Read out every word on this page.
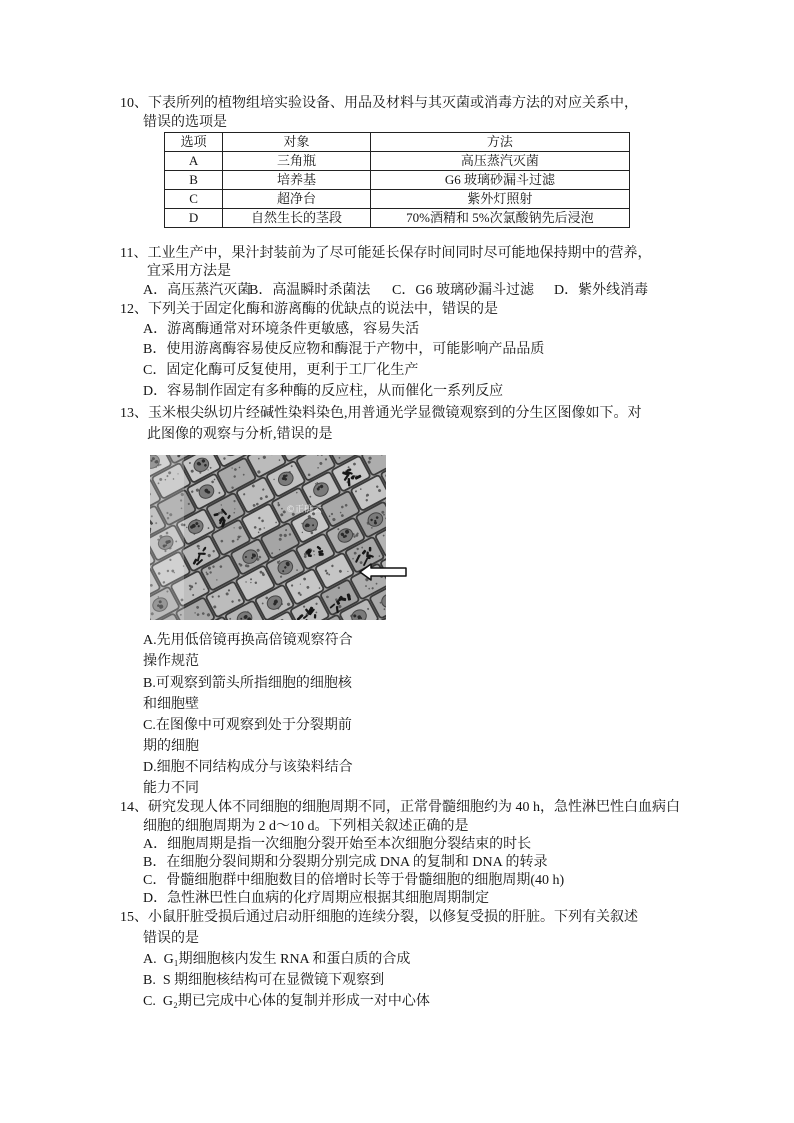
10、下表所列的植物组培实验设备、用品及材料与其灭菌或消毒方法的对应关系中，
错误的选项是
选项	对象	方法
A	三角瓶	高压蒸汽灭菌
B	培养基	G6 玻璃砂漏斗过滤
C	超净台	紫外灯照射
D	自然生长的茎段	70%酒精和 5%次氯酸钠先后浸泡
11、工业生产中，果汁封装前为了尽可能延长保存时间同时尽可能地保持期中的营养，
宜采用方法是
A．高压蒸汽灭菌
B．高温瞬时杀菌法 C．G6 玻璃砂漏斗过滤 D．紫外线消毒
12、下列关于固定化酶和游离酶的优缺点的说法中，错误的是
A．游离酶通常对环境条件更敏感，容易失活
B．使用游离酶容易使反应物和酶混于产物中，可能影响产品品质
C．固定化酶可反复使用，更利于工厂化生产
D．容易制作固定有多种酶的反应柱，从而催化一系列反应
13、玉米根尖纵切片经碱性染料染色,用普通光学显微镜观察到的分生区图像如下。对
此图像的观察与分析,错误的是
©正确云
A.先用低倍镜再换高倍镜观察符合
操作规范
B.可观察到箭头所指细胞的细胞核
和细胞壁
C.在图像中可观察到处于分裂期前
期的细胞
D.细胞不同结构成分与该染料结合
能力不同
14、研究发现人体不同细胞的细胞周期不同，正常骨髓细胞约为 40 h，急性淋巴性白血病白
细胞的细胞周期为 2 d～10 d。下列相关叙述正确的是
A．细胞周期是指一次细胞分裂开始至本次细胞分裂结束的时长
B．在细胞分裂间期和分裂期分别完成 DNA 的复制和 DNA 的转录
C．骨髓细胞群中细胞数目的倍增时长等于骨髓细胞的细胞周期(40 h)
D．急性淋巴性白血病的化疗周期应根据其细胞周期制定
15、小鼠肝脏受损后通过启动肝细胞的连续分裂，以修复受损的肝脏。下列有关叙述
错误的是
A.  G₁期细胞核内发生 RNA 和蛋白质的合成
B.  S 期细胞核结构可在显微镜下观察到
C.  G₂期已完成中心体的复制并形成一对中心体
